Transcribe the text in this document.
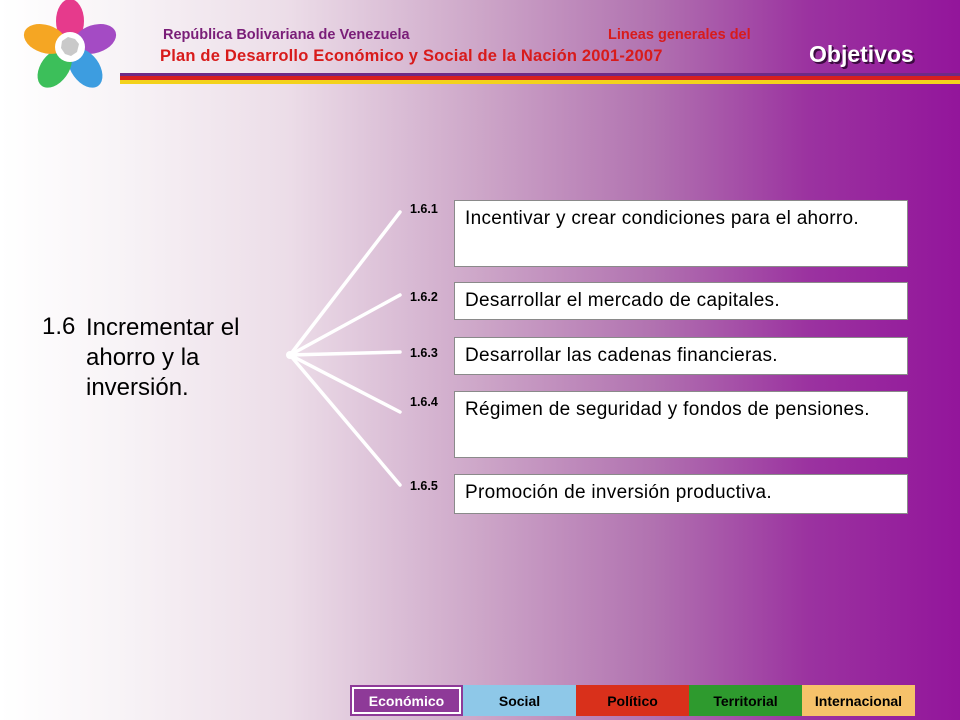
República Bolivariana de Venezuela	Lineas generales del
Plan de Desarrollo Económico y Social de la Nación 2001-2007	Objetivos
1.6 Incrementar el ahorro y la inversión.
1.6.1	Incentivar y crear condiciones para el ahorro.
1.6.2	Desarrollar el mercado de capitales.
1.6.3	Desarrollar las cadenas financieras.
1.6.4	Régimen de seguridad y fondos de pensiones.
1.6.5	Promoción de inversión productiva.
Económico	Social	Político	Territorial	Internacional
